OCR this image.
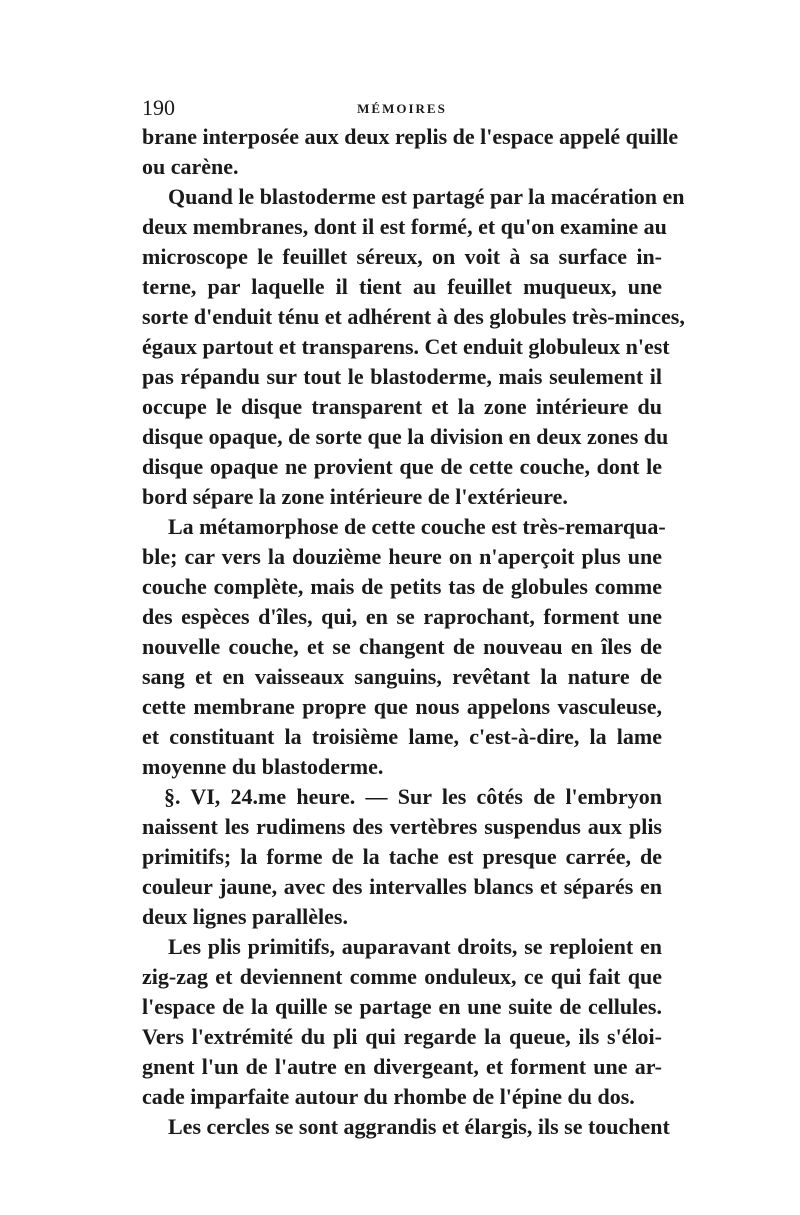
190	MÉMOIRES
brane interposée aux deux replis de l'espace appelé quille
ou carène.
Quand le blastoderme est partagé par la macération en
deux membranes, dont il est formé, et qu'on examine au
microscope le feuillet séreux, on voit à sa surface in-
terne, par laquelle il tient au feuillet muqueux, une
sorte d'enduit ténu et adhérent à des globules très-minces,
égaux partout et transparens. Cet enduit globuleux n'est
pas répandu sur tout le blastoderme, mais seulement il
occupe le disque transparent et la zone intérieure du
disque opaque, de sorte que la division en deux zones du
disque opaque ne provient que de cette couche, dont le
bord sépare la zone intérieure de l'extérieure.
La métamorphose de cette couche est très-remarqua-
ble; car vers la douzième heure on n'aperçoit plus une
couche complète, mais de petits tas de globules comme
des espèces d'îles, qui, en se raprochant, forment une
nouvelle couche, et se changent de nouveau en îles de
sang et en vaisseaux sanguins, revêtant la nature de
cette membrane propre que nous appelons vasculeuse,
et constituant la troisième lame, c'est-à-dire, la lame
moyenne du blastoderme.
§. VI, 24.me heure. — Sur les côtés de l'embryon
naissent les rudimens des vertèbres suspendus aux plis
primitifs; la forme de la tache est presque carrée, de
couleur jaune, avec des intervalles blancs et séparés en
deux lignes parallèles.
Les plis primitifs, auparavant droits, se reploient en
zig-zag et deviennent comme onduleux, ce qui fait que
l'espace de la quille se partage en une suite de cellules.
Vers l'extrémité du pli qui regarde la queue, ils s'éloi-
gnent l'un de l'autre en divergeant, et forment une ar-
cade imparfaite autour du rhombe de l'épine du dos.
Les cercles se sont aggrandis et élargis, ils se touchent
